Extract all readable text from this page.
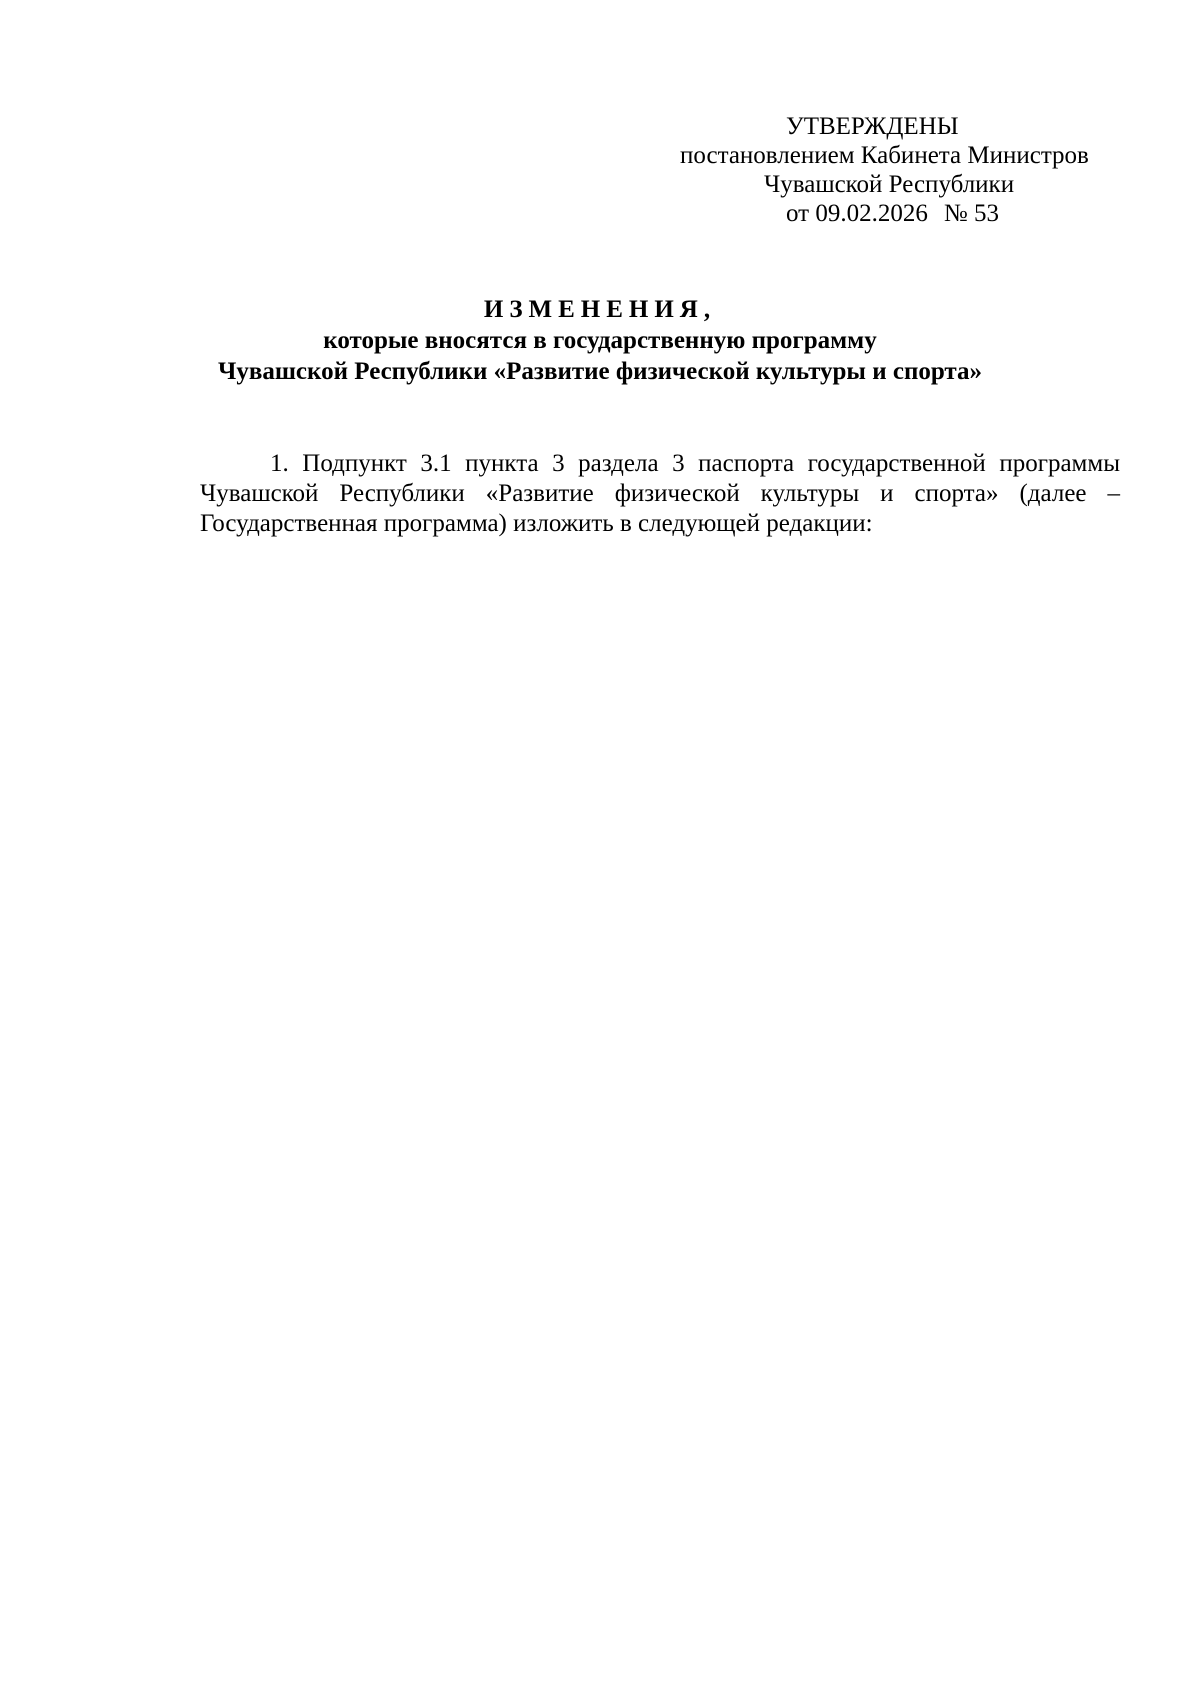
УТВЕРЖДЕНЫ
постановлением Кабинета Министров
Чувашской Республики
от 09.02.2026 № 53
ИЗМЕНЕНИЯ,
которые вносятся в государственную программу
Чувашской Республики «Развитие физической культуры и спорта»

1. Подпункт 3.1 пункта 3 раздела 3 паспорта государственной программы Чувашской Республики «Развитие физической культуры и спорта» (далее – Государственная программа) изложить в следующей редакции:
